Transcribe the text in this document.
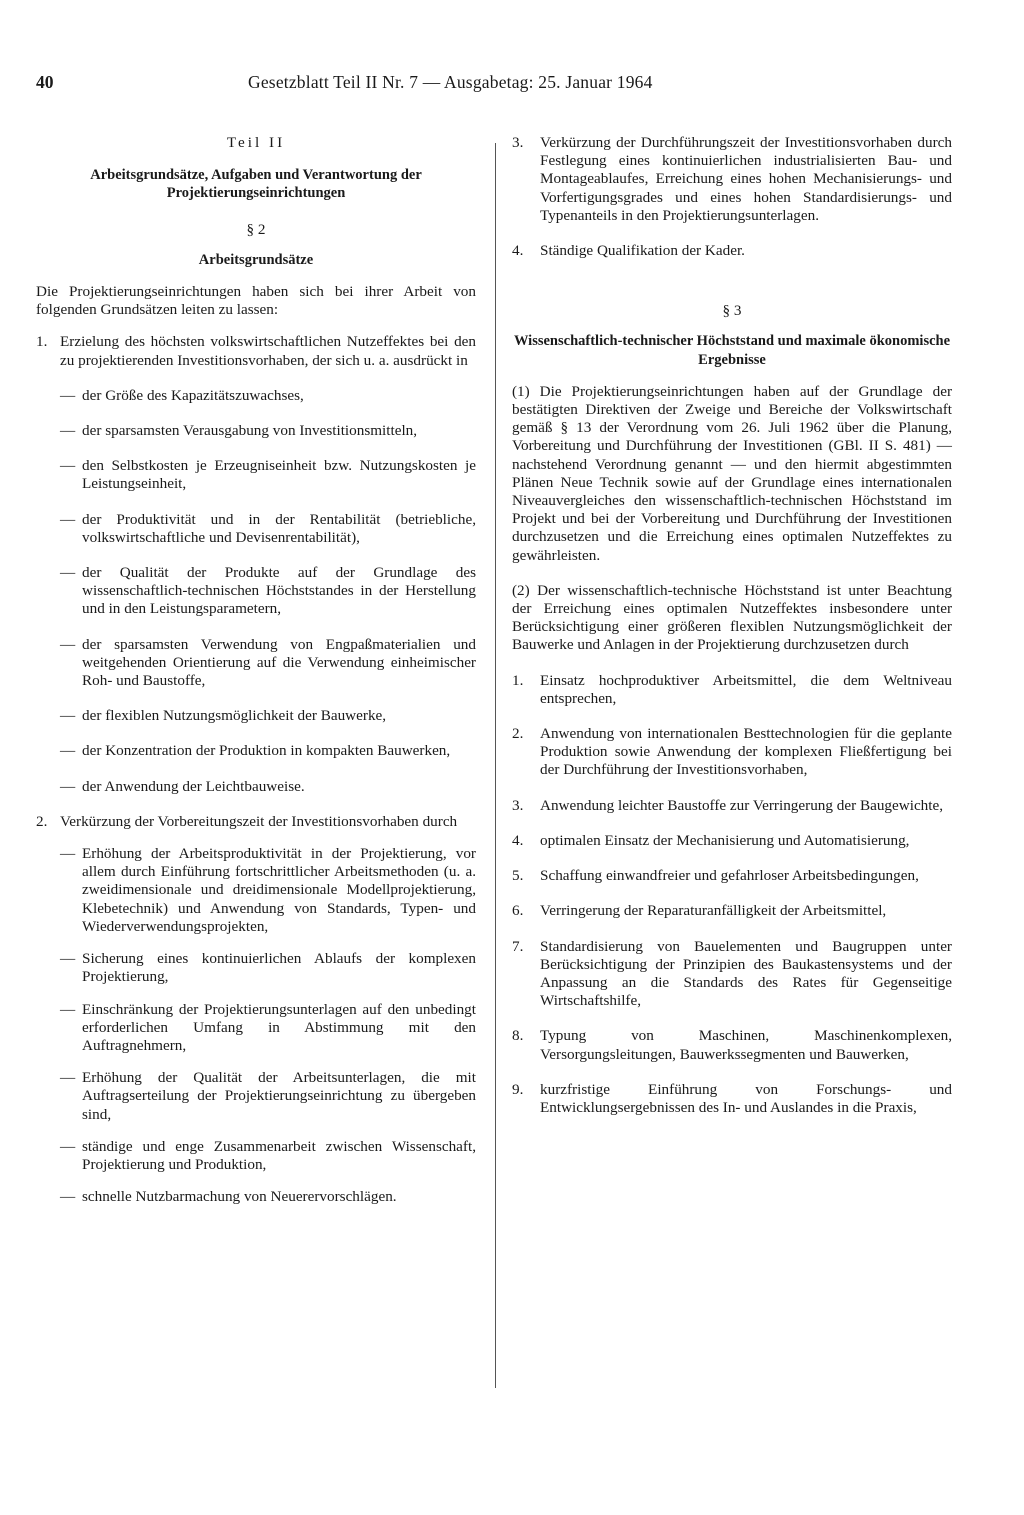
40	Gesetzblatt Teil II Nr. 7 — Ausgabetag: 25. Januar 1964
Teil II
Arbeitsgrundsätze, Aufgaben und Verantwortung der Projektierungseinrichtungen
§ 2
Arbeitsgrundsätze

Die Projektierungseinrichtungen haben sich bei ihrer Arbeit von folgenden Grundsätzen leiten zu lassen:

1. Erzielung des höchsten volkswirtschaftlichen Nutzeffektes bei den zu projektierenden Investitionsvorhaben, der sich u. a. ausdrückt in
— der Größe des Kapazitätszuwachses,
— der sparsamsten Verausgabung von Investitionsmitteln,
— den Selbstkosten je Erzeugniseinheit bzw. Nutzungskosten je Leistungseinheit,
— der Produktivität und in der Rentabilität (betriebliche, volkswirtschaftliche und Devisenrentabilität),
— der Qualität der Produkte auf der Grundlage des wissenschaftlich-technischen Höchststandes in der Herstellung und in den Leistungsparametern,
— der sparsamsten Verwendung von Engpaßmaterialien und weitgehenden Orientierung auf die Verwendung einheimischer Roh- und Baustoffe,
— der flexiblen Nutzungsmöglichkeit der Bauwerke,
— der Konzentration der Produktion in kompakten Bauwerken,
— der Anwendung der Leichtbauweise.
2. Verkürzung der Vorbereitungszeit der Investitionsvorhaben durch
— Erhöhung der Arbeitsproduktivität in der Projektierung, vor allem durch Einführung fortschrittlicher Arbeitsmethoden (u. a. zweidimensionale und dreidimensionale Modellprojektierung, Klebetechnik) und Anwendung von Standards, Typen- und Wiederverwendungsprojekten,
— Sicherung eines kontinuierlichen Ablaufs der komplexen Projektierung,
— Einschränkung der Projektierungsunterlagen auf den unbedingt erforderlichen Umfang in Abstimmung mit den Auftragnehmern,
— Erhöhung der Qualität der Arbeitsunterlagen, die mit Auftragserteilung der Projektierungseinrichtung zu übergeben sind,
— ständige und enge Zusammenarbeit zwischen Wissenschaft, Projektierung und Produktion,
— schnelle Nutzbarmachung von Neuerervorschlägen.
3.	Verkürzung der Durchführungszeit der Investitionsvorhaben durch Festlegung eines kontinuierlichen industrialisierten Bau- und Montageablaufes, Erreichung eines hohen Mechanisierungs- und Vorfertigungsgrades und eines hohen Standardisierungs- und Typenanteils in den Projektierungsunterlagen.
4.	Ständige Qualifikation der Kader.
§ 3
Wissenschaftlich-technischer Höchststand und maximale ökonomische Ergebnisse

(1) Die Projektierungseinrichtungen haben auf der Grundlage der bestätigten Direktiven der Zweige und Bereiche der Volkswirtschaft gemäß § 13 der Verordnung vom 26. Juli 1962 über die Planung, Vorbereitung und Durchführung der Investitionen (GBl. II S. 481) — nachstehend Verordnung genannt — und den hiermit abgestimmten Plänen Neue Technik sowie auf der Grundlage eines internationalen Niveauvergleiches den wissenschaftlich-technischen Höchststand im Projekt und bei der Vorbereitung und Durchführung der Investitionen durchzusetzen und die Erreichung eines optimalen Nutzeffektes zu gewährleisten.

(2) Der wissenschaftlich-technische Höchststand ist unter Beachtung der Erreichung eines optimalen Nutzeffektes insbesondere unter Berücksichtigung einer größeren flexiblen Nutzungsmöglichkeit der Bauwerke und Anlagen in der Projektierung durchzusetzen durch

1.	Einsatz hochproduktiver Arbeitsmittel, die dem Weltniveau entsprechen,
2.	Anwendung von internationalen Besttechnologien für die geplante Produktion sowie Anwendung der komplexen Fließfertigung bei der Durchführung der Investitionsvorhaben,
3.	Anwendung leichter Baustoffe zur Verringerung der Baugewichte,
4.	optimalen Einsatz der Mechanisierung und Automatisierung,
5.	Schaffung einwandfreier und gefahrloser Arbeitsbedingungen,
6.	Verringerung der Reparaturanfälligkeit der Arbeitsmittel,
7.	Standardisierung von Bauelementen und Baugruppen unter Berücksichtigung der Prinzipien des Baukastensystems und der Anpassung an die Standards des Rates für Gegenseitige Wirtschaftshilfe,
8.	Typung von Maschinen, Maschinenkomplexen, Versorgungsleitungen, Bauwerkssegmenten und Bauwerken,
9.	kurzfristige Einführung von Forschungs- und Entwicklungsergebnissen des In- und Auslandes in die Praxis,
